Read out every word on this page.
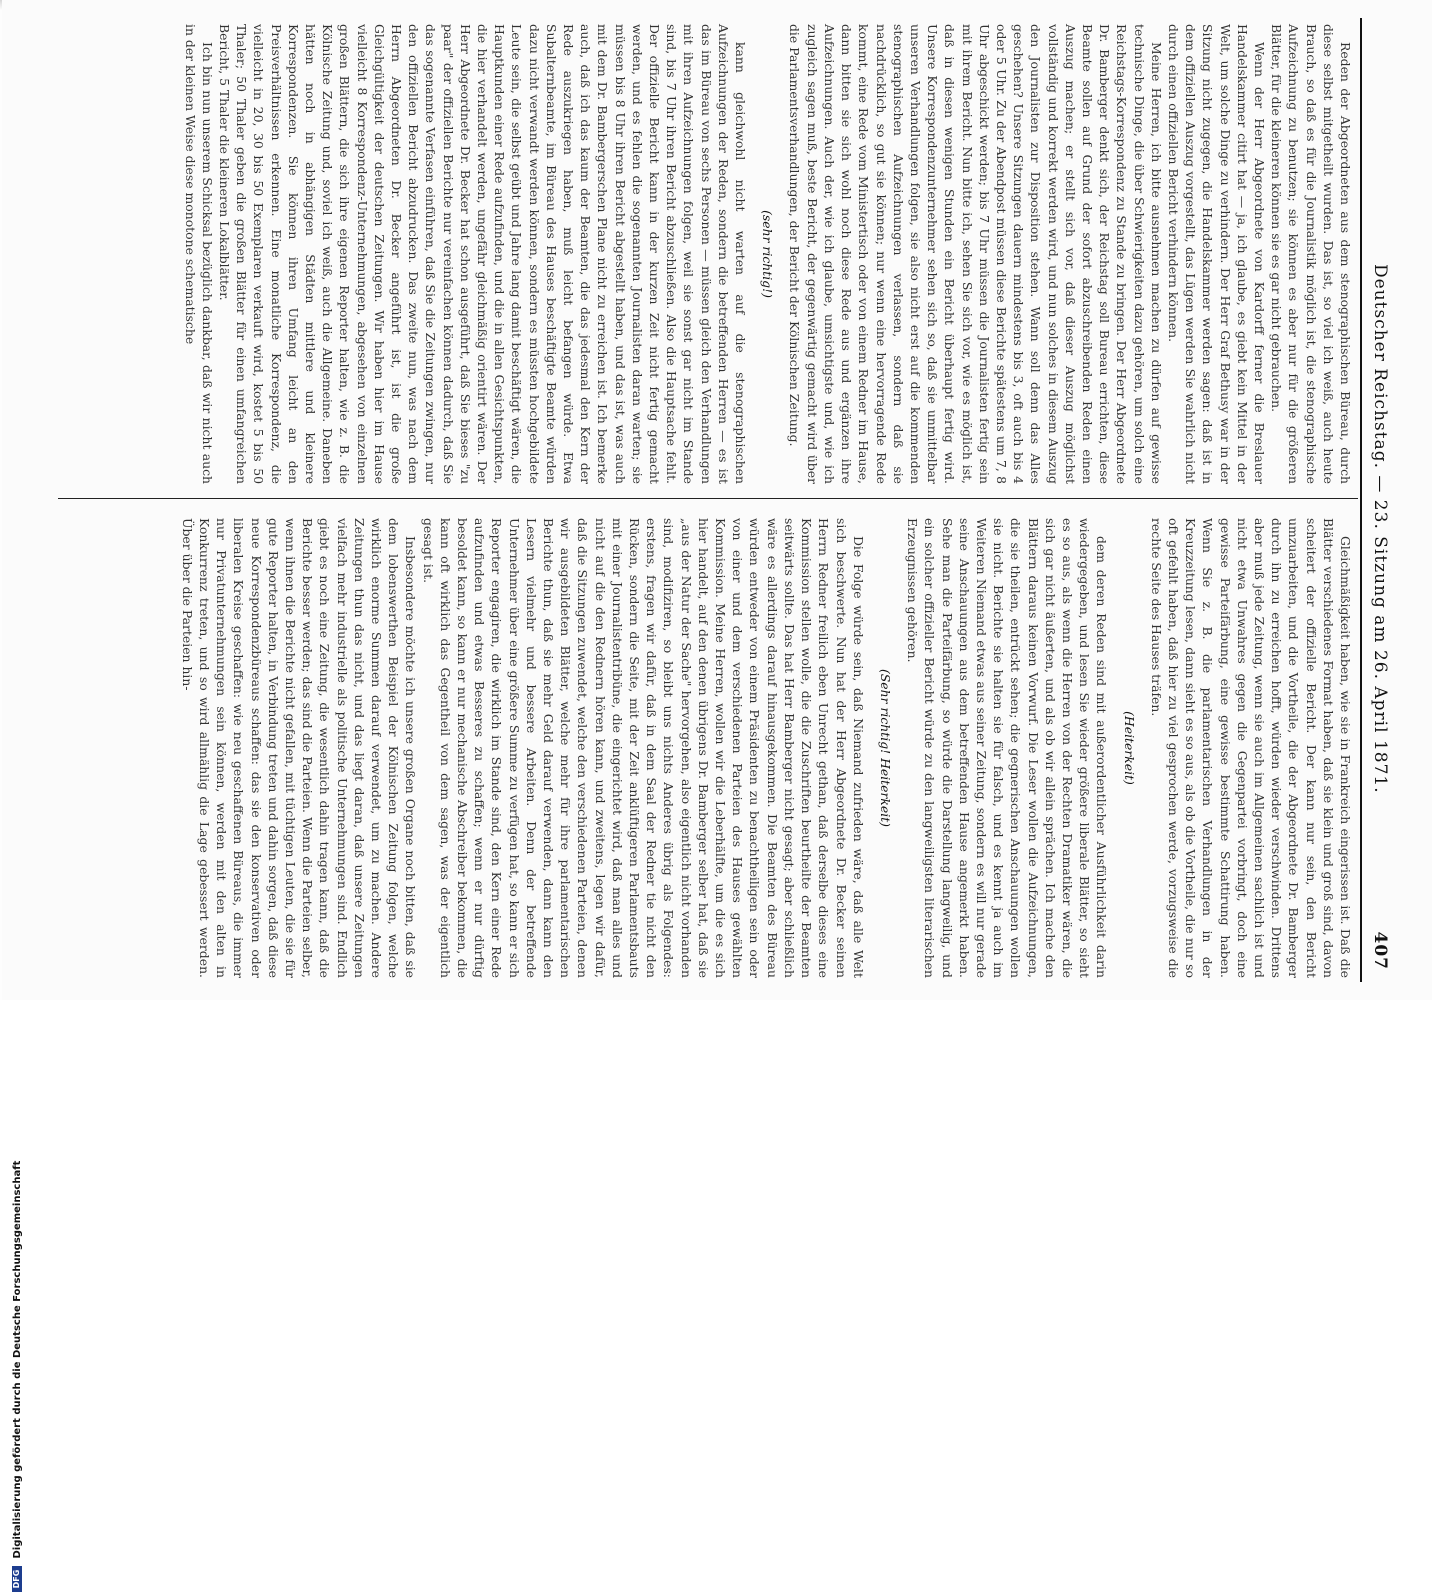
Deutscher Reichstag. — 23. Sitzung am 26. April 1871.
407

Reden der Abgeordneten aus dem stenographischen Büreau, durch diese selbst mitgetheilt wurden. Das ist, so viel ich weiß, auch heute Brauch, so daß es für die Journalistik möglich ist, die stenographische Aufzeichnung zu benutzen; sie können es aber nur für die größeren Blätter, für die kleineren können sie es gar nicht gebrauchen.

Wenn der Herr Abgeordnete von Kardorff ferner die Breslauer Handelskammer citirt hat — ja, ich glaube, es giebt kein Mittel in der Welt, um solche Dinge zu verhindern. Der Herr Graf Bethusy war in der Sitzung nicht zugegen, die Handelskammer werden sagen: daß ist in dem offiziellen Auszug vorgestellt, das Lügen werden Sie wahrlich nicht durch einen offiziellen Bericht verhindern können.

Meine Herren, ich bitte ausnehmen machen zu dürfen auf gewisse technische Dinge, die über Schwierigkeiten dazu gehören, um solch eine Reichstags-Korrespondenz zu Stande zu bringen. Der Herr Abgeordnete Dr. Bamberger denkt sich, der Reichstag soll Bureau errichten, diese Beamte sollen auf Grund der sofort abzuschreibenden Reden einen Auszug machen; er stellt sich vor, daß dieser Auszug möglichst vollständig und korrekt werden wird, und nun solches in diesem Auszug den Journalisten zur Disposition stehen. Wann soll denn das Alles geschehen? Unsere Sitzungen dauern mindestens bis 3, oft auch bis 4 oder 5 Uhr. Zu der Abendpost müssen diese Berichte spätestens um 7, 8 Uhr abgeschickt werden; bis 7 Uhr müssen die Journalisten fertig sein mit ihrem Bericht. Nun bitte ich, sehen Sie sich vor, wie es möglich ist, daß in diesen wenigen Stunden ein Bericht überhaupt fertig wird. Unsere Korrespondenzunternehmer sehen sich so, daß sie unmittelbar unseren Verhandlungen folgen, sie also nicht erst auf die kommenden stenographischen Aufzeichnungen verlassen, sondern daß sie nachdrücklich, so gut sie können; nur wenn eine hervorragende Rede kommt, eine Rede vom Ministertisch oder von einem Redner im Hause, dann bitten sie sich wohl noch diese Rede aus und ergänzen ihre Aufzeichnungen. Auch der, wie ich glaube, umsichtigste und, wie ich zugleich sagen muß, beste Bericht, der gegenwärtig gemacht wird über die Parlamentsverhandlungen, der Bericht der Kölnischen Zeitung.

(sehr richtig!)

kann gleichwohl nicht warten auf die stenographischen Aufzeichnungen der Reden, sondern die betreffenden Herren — es ist das im Büreau von sechs Personen — müssen gleich den Verhandlungen mit ihren Aufzeichnungen folgen, weil sie sonst gar nicht im Stande sind, bis 7 Uhr ihren Bericht abzuschließen. Also die Hauptsache fehlt. Der offizielle Bericht kann in der kurzen Zeit nicht fertig gemacht werden, und es fehlen die sogenannten Journalisten daran warten; sie müssen bis 8 Uhr ihren Bericht abgestellt haben, und das ist, was auch mit dem Dr. Bambergerschen Plane nicht zu erreichen ist. Ich bemerke auch, daß ich das kaum der Beamten, die das jedesmal den Kern der Rede auszukriegen haben, muß leicht befangen würde. Etwa Subalternbeamte, im Büreau des Hauses beschäftigte Beamte würden dazu nicht verwandt werden können, sondern es müssten hochgebildete Leute sein, die selbst geübt und Jahre lang damit beschäftigt wären, die Hauptkunden einer Rede aufzufinden, und die in allen Gesichtspunkten, die hier verhandelt werden, ungefähr gleichmäßig orientirt wären. Der Herr Abgeordnete Dr. Becker hat schon ausgeführt, daß Sie bieses "zu paar" der offiziellen Berichte nur vereinfachen können dadurch, daß Sie das sogenannte Verfasen einführen, daß Sie die Zeitungen zwingen, nur den offiziellen Bericht abzudrucken. Das zweite nun, was nach dem Herrn Abgeordneten Dr. Becker angeführt ist, ist die große Gleichgültigkeit der deutschen Zeitungen. Wir haben hier im Hause vielleicht 8 Korrespondenz-Unternehmungen, abgesehen von einzelnen großen Blättern, die sich ihre eigenen Reporter halten, wie z. B. die Kölnische Zeitung und, soviel ich weiß, auch die Allgemeine. Daneben hätten noch in abhängigen Städten mittlere und kleinere Korrespondenzen. Sie können ihren Umfang leicht an den Preisverhältnissen erkennen. Eine monatliche Korrespondenz, die vielleicht in 20, 30 bis 50 Exemplaren verkauft wird, kostet 5 bis 50 Thaler; 50 Thaler geben die großen Blätter für einen umfangreichen Bericht, 5 Thaler die kleineren Lokalblätter.

Ich bin nun unserem Schicksal bezüglich dankbar, daß wir nicht auch in der kleinen Weise diese monotone schematische

Gleichmäßigkeit haben, wie sie in Frankreich eingerissen ist. Daß die Blätter verschiedenes Format haben, daß sie klein und groß sind, davon scheitert der offizielle Bericht. Der kann nur sein, den Bericht umzuarbeiten, und die Vortheile, die der Abgeordnete Dr. Bamberger durch ihn zu erreichen hofft, würden wieder verschwinden. Drittens aber muß jede Zeitung, wenn sie auch im Allgemeinen sachlich ist und nicht etwa Unwahres gegen die Gegenpartei vorbringt, doch eine gewisse Parteifärbung, eine gewisse bestimmte Schattirung haben. Wenn Sie z. B. die parlamentarischen Verhandlungen in der Kreuzzeitung lesen, dann sieht es so aus, als ob die Vortheile, die nur so oft gefehlt haben, daß hier zu viel gesprochen werde, vorzugsweise die rechte Seite des Hauses träfen.

(Heiterkeit)

dem deren Reden sind mit außerordentlicher Ausführlichkeit darin wiedergegeben, und lesen Sie wieder größere liberale Blätter, so sieht es so aus, als wenn die Herren von der Rechten Dramatiker wären, die sich gar nicht äußerten, und als ob wir allein sprächen. Ich mache den Blättern daraus keinen Vorwurf. Die Leser wollen die Aufzeichnungen, die sie theilen, entrückt sehen; die gegnerischen Anschauungen wollen sie nicht. Berichte sie halten sie für falsch, und es kennt ja auch im Weiteren Niemand etwas aus seiner Zeitung, sondern es will nur gerade seine Anschauungen aus dem betreffenden Hause angemerkt haben. Sehe man die Parteifärbung, so würde die Darstellung langweilig, und ein solcher offizieller Bericht würde zu den langweiligsten literarischen Erzeugnissen gehören.

(Sehr richtig! Heiterkeit)

Die Folge würde sein, daß Niemand zufrieden wäre, daß alle Welt sich beschwerte. Nun hat der Herr Abgeordnete Dr. Becker seinen Herrn Redner freilich eben Unrecht gethan, daß derselbe dieses eine Kommission stellen wolle, die die Zuschriften beurtheilte der Beamten seitwärts sollte. Das hat Herr Bamberger nicht gesagt; aber schließlich wäre es allerdings darauf hinausgekommen. Die Beamten des Büreau würden entweder von einem Präsidenten zu benachtheiligen sein oder von einer und dem verschiedenen Parteien des Hauses gewählten Kommission. Meine Herren, wollen wir die Leberhälfte, um die es sich hier handelt, auf den denen übrigens Dr. Bamberger selber hat, daß sie „aus der Natur der Sache" hervorgehen, also eigentlich nicht vorhanden sind, modifiziren, so bleibt uns nichts Anderes übrig als Folgendes: erstens, fragen wir dafür, daß in dem Saal der Redner tie nicht den Rücken, sondern die Seite, mit der Zeit anklüftigeren Parlamentsbauts mit einer Journalistentribüne, die eingerichtet wird, daß man alles und nicht auf die den Rednern hören kann, und zweitens, legen wir dafür, daß die Sitzungen zuwendet, welche den verschiedenen Parteien, denen wir ausgebildeten Blätter, welche mehr für ihre parlamentarischen Berichte thun, daß sie mehr Geld darauf verwenden, dann kann den Lesern vielmehr und bessere Arbeiten. Denn der betreffende Unternehmer über eine größere Summe zu verfügen hat, so kann er sich Reporter engagiren, die wirklich im Stande sind, den Kern einer Rede aufzufinden und etwas Besseres zu schaffen; wenn er nur dürftig besoldet kann, so kann er nur mechanische Abschreiber bekommen, die kann oft wirklich das Gegentheil von dem sagen, was der eigentlich gesagt ist.

Insbesondere möchte ich unsere großen Organe noch bitten, daß sie dem lobenswerthen Beispiel der Kölnischen Zeitung folgen, welche wirklich enorme Summen darauf verwendet, um zu machen. Andere Zeitungen thun das nicht, und das liegt daran, daß unsere Zeitungen vielfach mehr industrielle als politische Unternehmungen sind. Endlich giebt es noch eine Zeitung, die wesentlich dahin tragen kann, daß die Berichte besser werden; das sind die Parteien. Wenn die Parteien selber, wenn ihnen die Berichte nicht gefallen, mit tüchtigen Leuten, die sie für gute Reporter halten, in Verbindung treten und dahin sorgen, daß diese neue Korrespondenzbüreaus schaffen: das sie den konservativen oder liberalen Kreise geschaffen: wie neu geschaffenen Büreaus, die immer nur Privatunternehmungen sein können, werden mit den alten in Konkurrenz treten, und so wird allmählig die Lage gebessert werden. Über über die Parteien hin-

DFG Digitalisierung gefördert durch die Deutsche Forschungsgemeinschaft
